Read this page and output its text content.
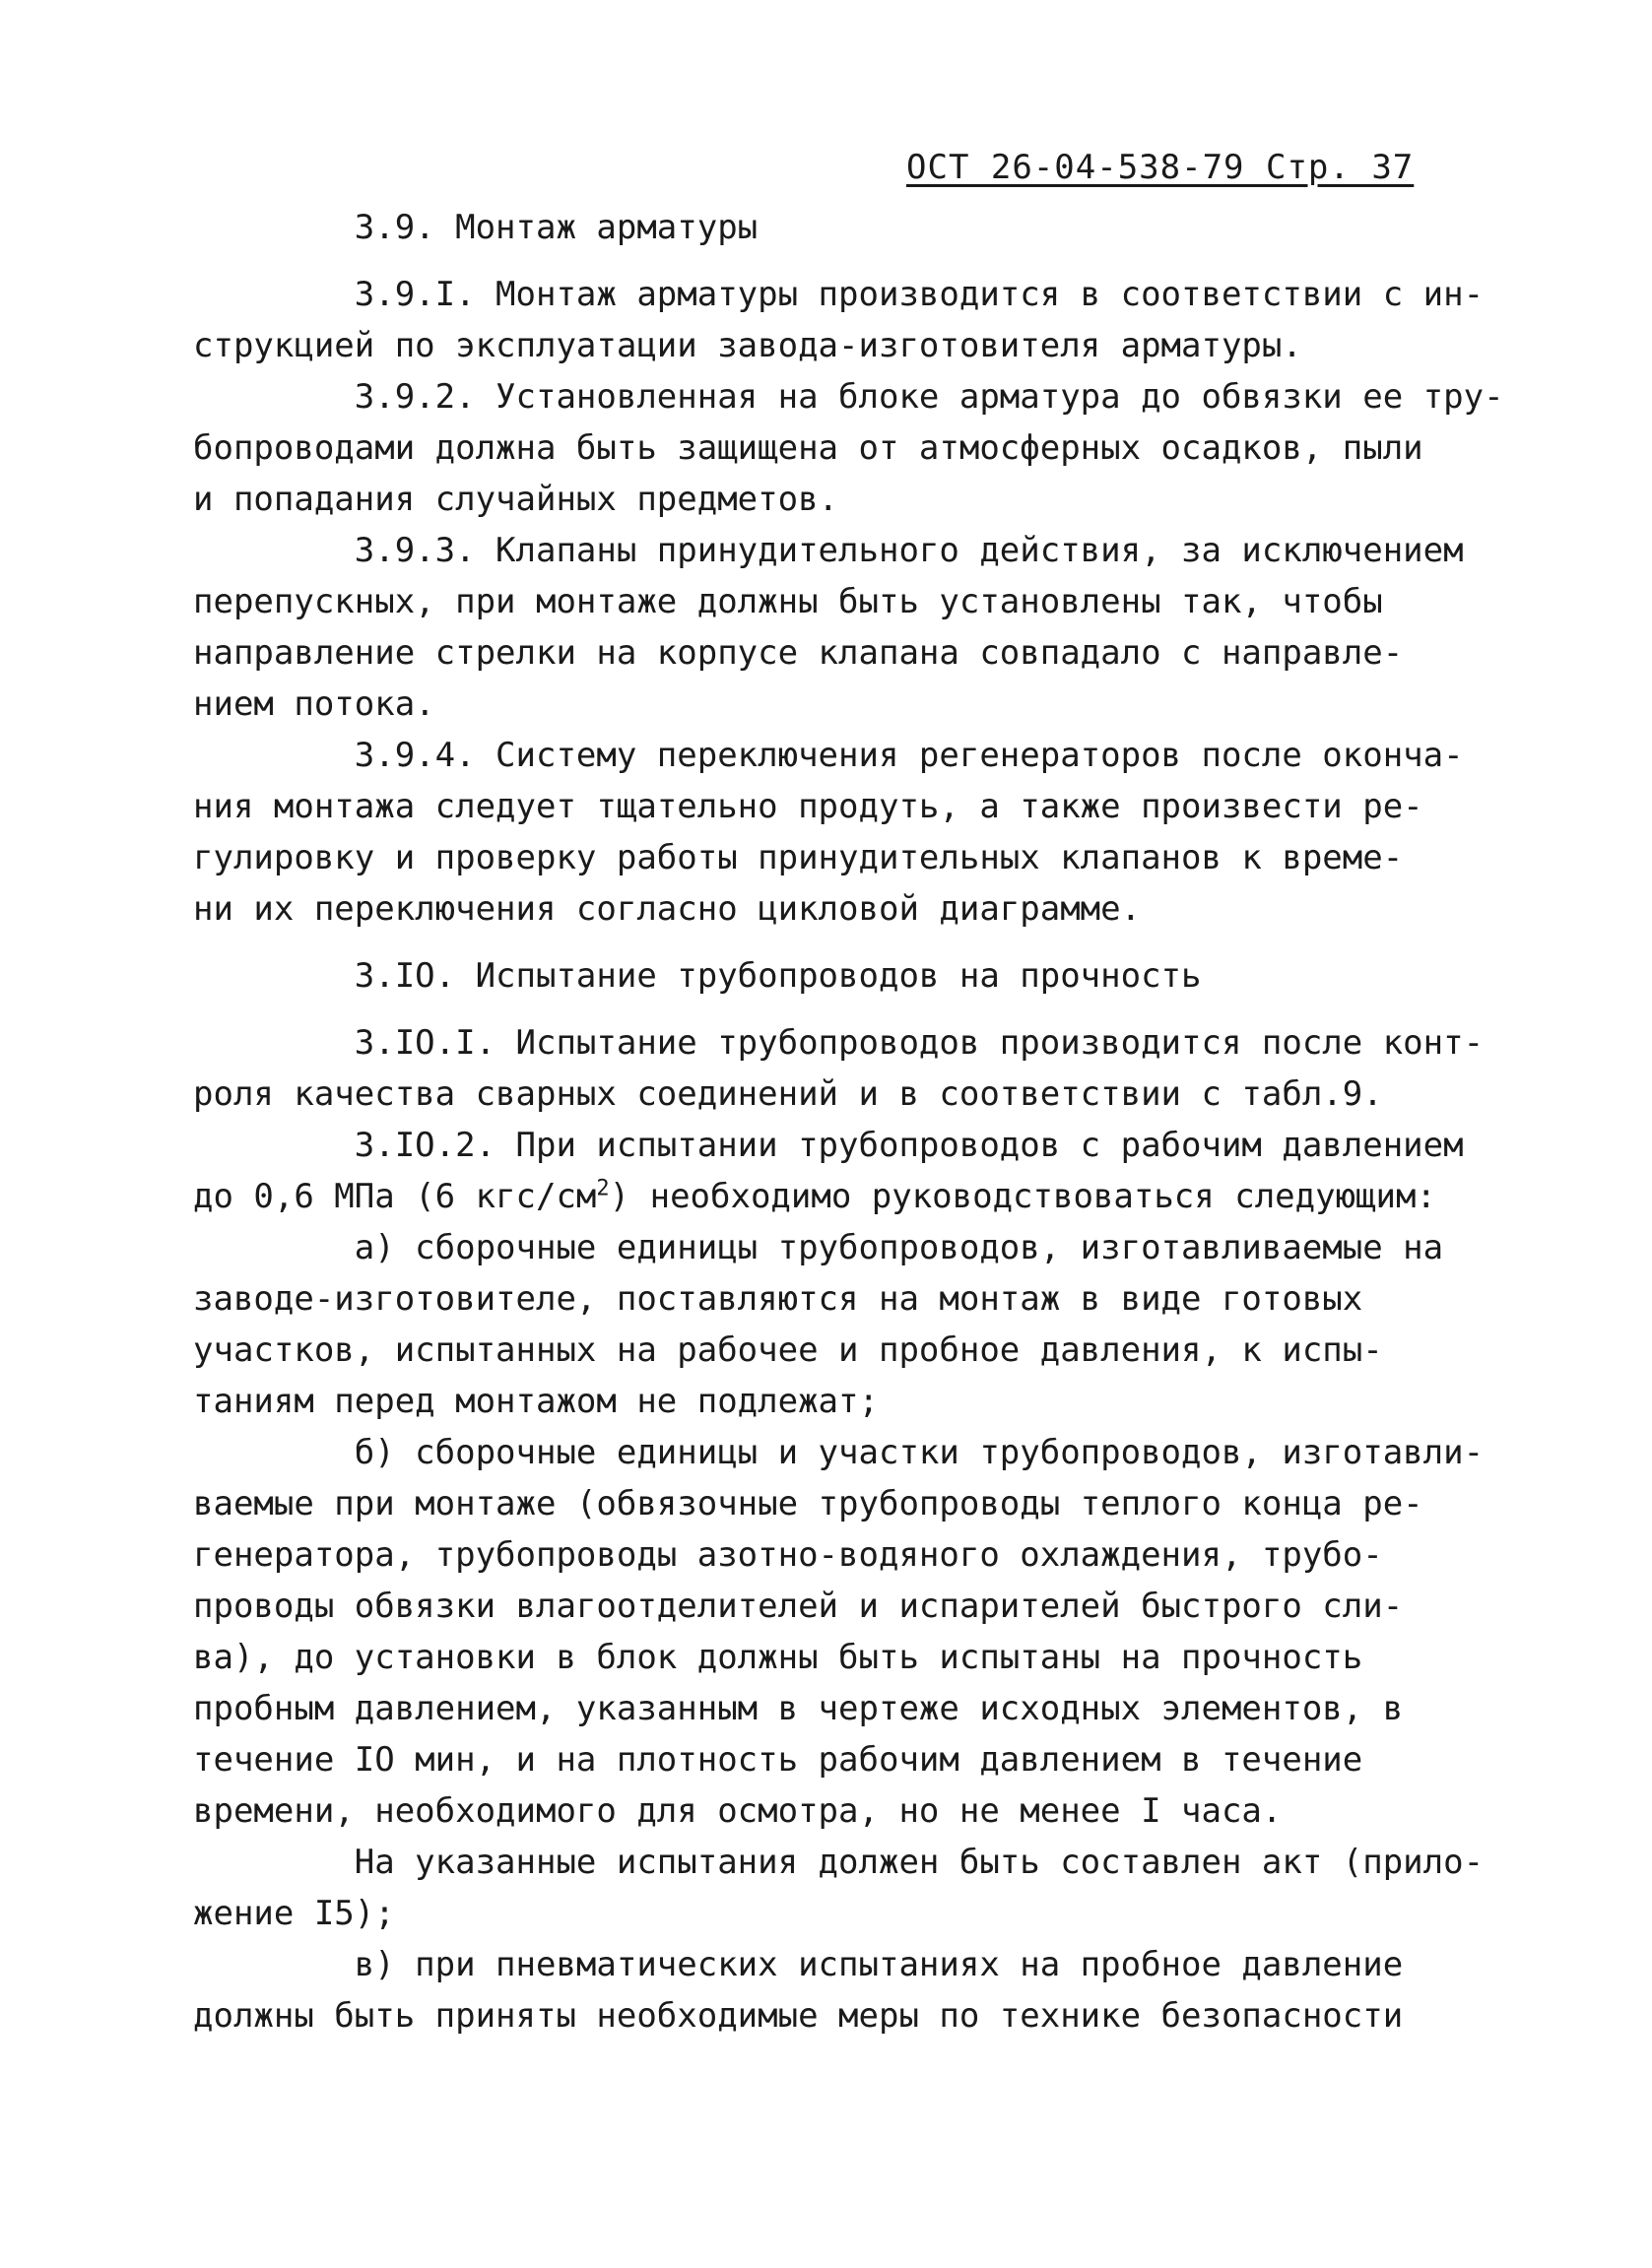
ОСТ 26-04-538-79 Стр. 37
3.9. Монтаж арматуры
3.9.I. Монтаж арматуры производится в соответствии с ин-
струкцией по эксплуатации завода-изготовителя арматуры.
3.9.2. Установленная на блоке арматура до обвязки ее тру-
бопроводами должна быть защищена от атмосферных осадков, пыли
и попадания случайных предметов.
3.9.3. Клапаны принудительного действия, за исключением
перепускных, при монтаже должны быть установлены так, чтобы
направление стрелки на корпусе клапана совпадало с направле-
нием потока.
3.9.4. Систему переключения регенераторов после оконча-
ния монтажа следует тщательно продуть, а также произвести ре-
гулировку и проверку работы принудительных клапанов к време-
ни их переключения согласно цикловой диаграмме.
3.IO. Испытание трубопроводов на прочность
3.IO.I. Испытание трубопроводов производится после конт-
роля качества сварных соединений и в соответствии с табл.9.
3.IO.2. При испытании трубопроводов с рабочим давлением
до 0,6 МПа (6 кгс/$см^2$) необходимо руководствоваться следующим:
а) сборочные единицы трубопроводов, изготавливаемые на
заводе-изготовителе, поставляются на монтаж в виде готовых
участков, испытанных на рабочее и пробное давления, к испы-
таниям перед монтажом не подлежат;
б) сборочные единицы и участки трубопроводов, изготавли-
ваемые при монтаже (обвязочные трубопроводы теплого конца ре-
генератора, трубопроводы азотно-водяного охлаждения, трубо-
проводы обвязки влагоотделителей и испарителей быстрого сли-
ва), до установки в блок должны быть испытаны на прочность
пробным давлением, указанным в чертеже исходных элементов, в
течение IO мин, и на плотность рабочим давлением в течение
времени, необходимого для осмотра, но не менее I часа.
На указанные испытания должен быть составлен акт (прило-
жение I5);
в) при пневматических испытаниях на пробное давление
должны быть приняты необходимые меры по технике безопасности
